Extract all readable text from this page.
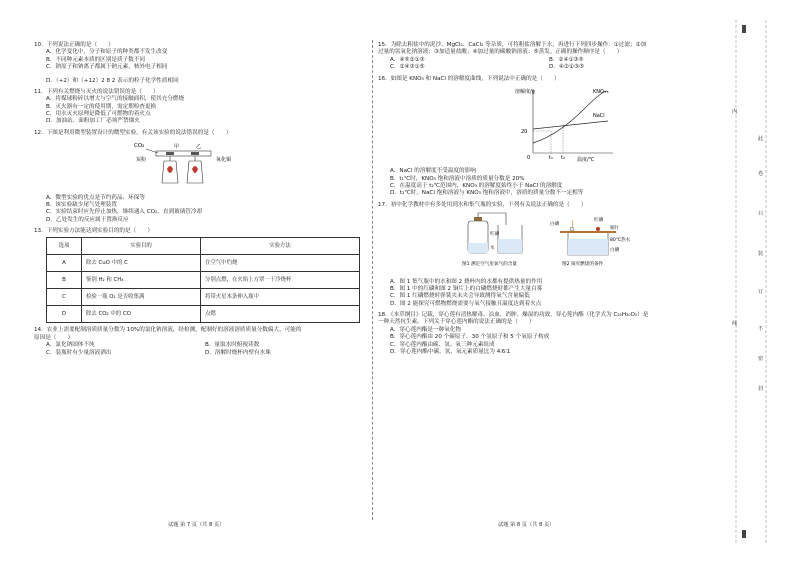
10．下列说法正确的是（　　）
A．化学变化中，分子和原子的种类都不发生改变
B．不同种元素本质的区别是质子数不同
C．钠原子和钠离子都属于钠元素，核外电子相同
D．（+2）和（+12）2 8 2 表示的粒子化学性质相同
11．下列有关燃烧与灭火的说法错误的是（　　）
A．将煤球粉碎以增大与空气的接触面积，使其充分燃烧
B．灭火器有一定的使用期，需定期检查更换
C．用水灭火原理是降低了可燃物的着火点
D．加油站、面粉加工厂必须严禁烟火
12．下图是利用微型装置设计的微型实验，有关该实验的说法错误的是（　　）
CO₂	甲	乙
炭粉	氧化铜
A．微型实验的优点是节约药品、环保等
B．该实验缺少尾气处理装置
C．实验结束时应先停止加热，继续通入 CO₂，直到玻璃管冷却
D．乙处发生的反应属于置换反应
13．下列实验方法能达到实验目的的是（　　）
选项	实验目的	实验方法
A	除去 CuO 中的 C	在空气中灼烧
B	鉴别 H₂ 和 CH₄	分别点燃，在火焰上方罩一干冷烧杯
C	检验一瓶 O₂ 是否收集满	将带火星木条伸入瓶中
D	除去 CO₂ 中的 CO	点燃
14．农业上需要配制溶质质量分数为 10%的氯化钠溶液，经检测，配制好的溶液溶质质量分数偏大，可能的
原因是（　　）
A．氯化钠固体不纯	B．量取水时俯视读数
C．装瓶时有少量溶液洒出	D．溶解时烧杯内壁有水珠
15．为除去粗盐中的泥沙、MgCl₂、CaCl₂ 等杂质，可将粗盐溶解于水，再进行下列四步操作：①过滤；②加
过量的氢氧化钠溶液；③加适量盐酸；④加过量的碳酸钠溶液；⑤蒸发。正确的操作顺序是（　　）
A．④⑤②①③	B．②④①③⑤
C．②④③①⑤	D．④②①③⑤
16．如图是 KNO₃ 和 NaCl 的溶解度曲线，下列说法中正确的是（　　）
溶解度/g
0
20
t₁ t₂ 温度/℃
KNO₃
NaCl
A．NaCl 的溶解度不受温度的影响
B．t₁℃时，KNO₃ 饱和溶液中溶质的质量分数是 20%
C．在温度高于 t₂℃范围内，KNO₃ 的溶解度始终小于 NaCl 的溶解度
D．t₂℃时，NaCl 饱和溶液与 KNO₃ 饱和溶液中，溶质的质量分数不一定相等
17．初中化学教材中有多处用到水和集气瓶的实验，下列有关说法正确的是（　　）
红磷
水
图1 测定空气里氧气的含量
红磷
白磷
铜片
80℃热水
白磷
图2 探究燃烧的条件
A．图 1 集气瓶中的水和图 2 烧杯内的水都有提供热量的作用
B．图 1 中的红磷和图 2 铜片上的白磷燃烧时都产生大量白雾
C．图 1 红磷燃烧时弹簧夹未夹会导致测得氧气含量偏低
D．图 2 能探究可燃物燃烧需要与氧气接触且温度达到着火点
18．《本草纲目》记载，穿心莲有清热解毒、凉血、消肿、燥湿的功效。穿心莲内酯（化学式为 C₂₀H₃₀O₅）是
一种天然抗生素。下列关于穿心莲内酯的说法正确的是（　　）
A．穿心莲内酯是一种氧化物
B．穿心莲内酯由 20 个碳原子、30 个氢原子和 5 个氧原子构成
C．穿心莲内酯由碳、氢、氧三种元素组成
D．穿心莲内酯中碳、氢、氧元素质量比为 4∶6∶1
试题 第 7 页（共 8 页）	试题 第 8 页（共 8 页）
内
线
此
卷
只
装
订
不
密
封
